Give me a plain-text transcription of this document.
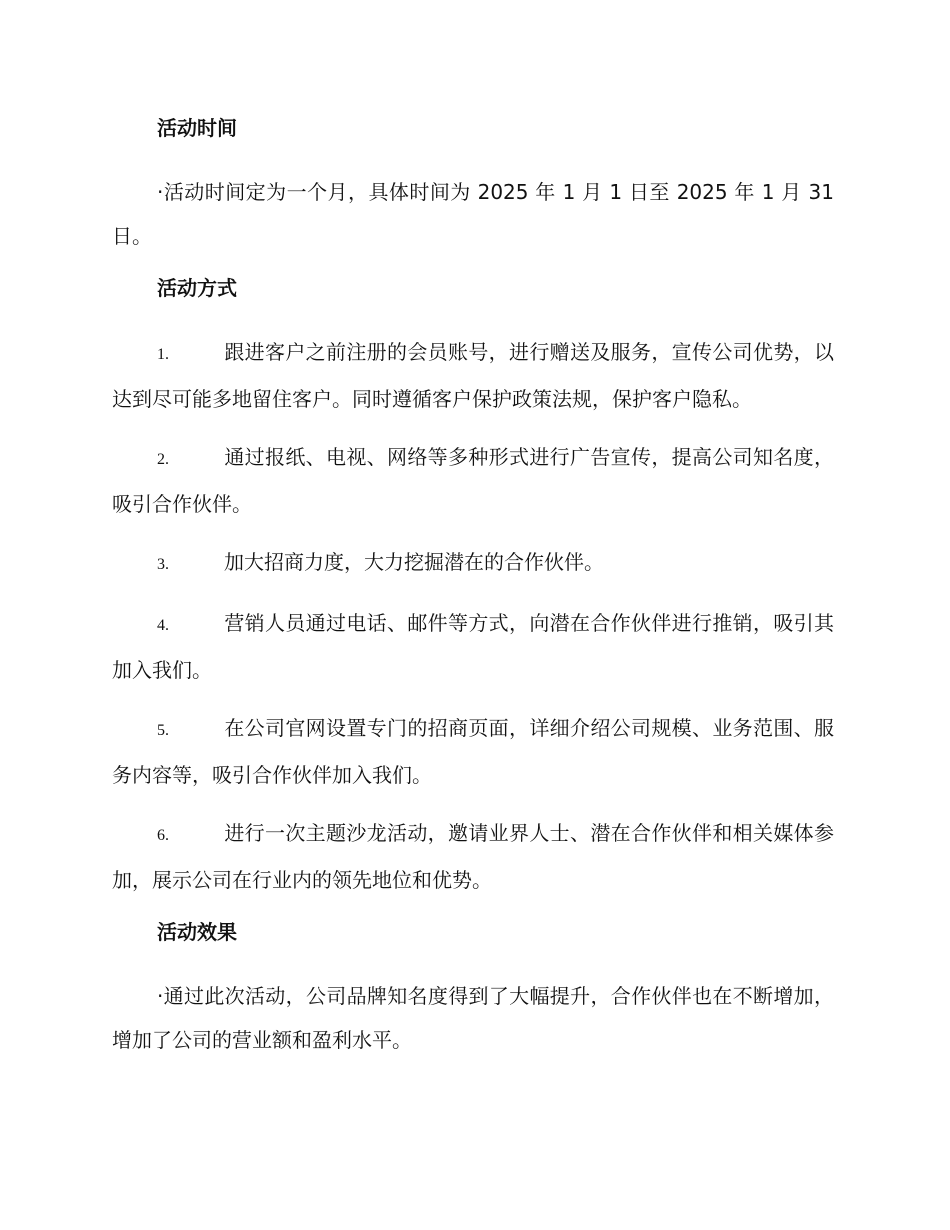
活动时间

·活动时间定为一个月，具体时间为 2025 年 1 月 1 日至 2025 年 1 月 31 日。

活动方式

1.	跟进客户之前注册的会员账号，进行赠送及服务，宣传公司优势，以达到尽可能多地留住客户。同时遵循客户保护政策法规，保护客户隐私。

2.	通过报纸、电视、网络等多种形式进行广告宣传，提高公司知名度，吸引合作伙伴。

3.	加大招商力度，大力挖掘潜在的合作伙伴。

4.	营销人员通过电话、邮件等方式，向潜在合作伙伴进行推销，吸引其加入我们。

5.	在公司官网设置专门的招商页面，详细介绍公司规模、业务范围、服务内容等，吸引合作伙伴加入我们。

6.	进行一次主题沙龙活动，邀请业界人士、潜在合作伙伴和相关媒体参加，展示公司在行业内的领先地位和优势。

活动效果

·通过此次活动，公司品牌知名度得到了大幅提升，合作伙伴也在不断增加，增加了公司的营业额和盈利水平。
